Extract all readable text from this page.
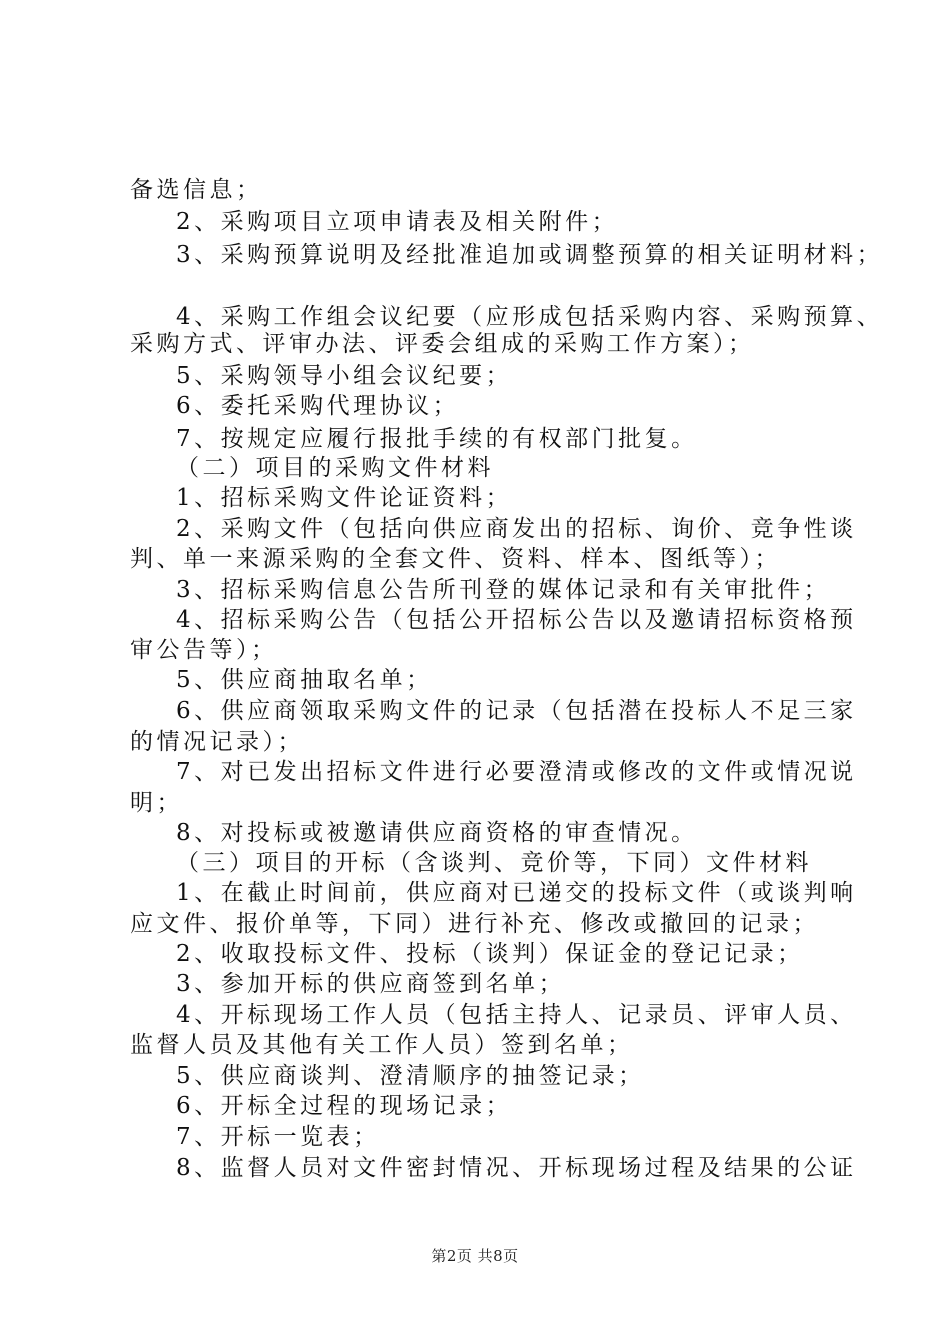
备选信息；
2、采购项目立项申请表及相关附件；
3、采购预算说明及经批准追加或调整预算的相关证明材料；
4、采购工作组会议纪要（应形成包括采购内容、采购预算、
采购方式、评审办法、评委会组成的采购工作方案）；
5、采购领导小组会议纪要；
6、委托采购代理协议；
7、按规定应履行报批手续的有权部门批复。
（二）项目的采购文件材料
1、招标采购文件论证资料；
2、采购文件（包括向供应商发出的招标、询价、竞争性谈
判、单一来源采购的全套文件、资料、样本、图纸等）；
3、招标采购信息公告所刊登的媒体记录和有关审批件；
4、招标采购公告（包括公开招标公告以及邀请招标资格预
审公告等）；
5、供应商抽取名单；
6、供应商领取采购文件的记录（包括潜在投标人不足三家
的情况记录）；
7、对已发出招标文件进行必要澄清或修改的文件或情况说
明；
8、对投标或被邀请供应商资格的审查情况。
（三）项目的开标（含谈判、竞价等，下同）文件材料
1、在截止时间前，供应商对已递交的投标文件（或谈判响
应文件、报价单等，下同）进行补充、修改或撤回的记录；
2、收取投标文件、投标（谈判）保证金的登记记录；
3、参加开标的供应商签到名单；
4、开标现场工作人员（包括主持人、记录员、评审人员、
监督人员及其他有关工作人员）签到名单；
5、供应商谈判、澄清顺序的抽签记录；
6、开标全过程的现场记录；
7、开标一览表；
8、监督人员对文件密封情况、开标现场过程及结果的公证
第2页 共8页
